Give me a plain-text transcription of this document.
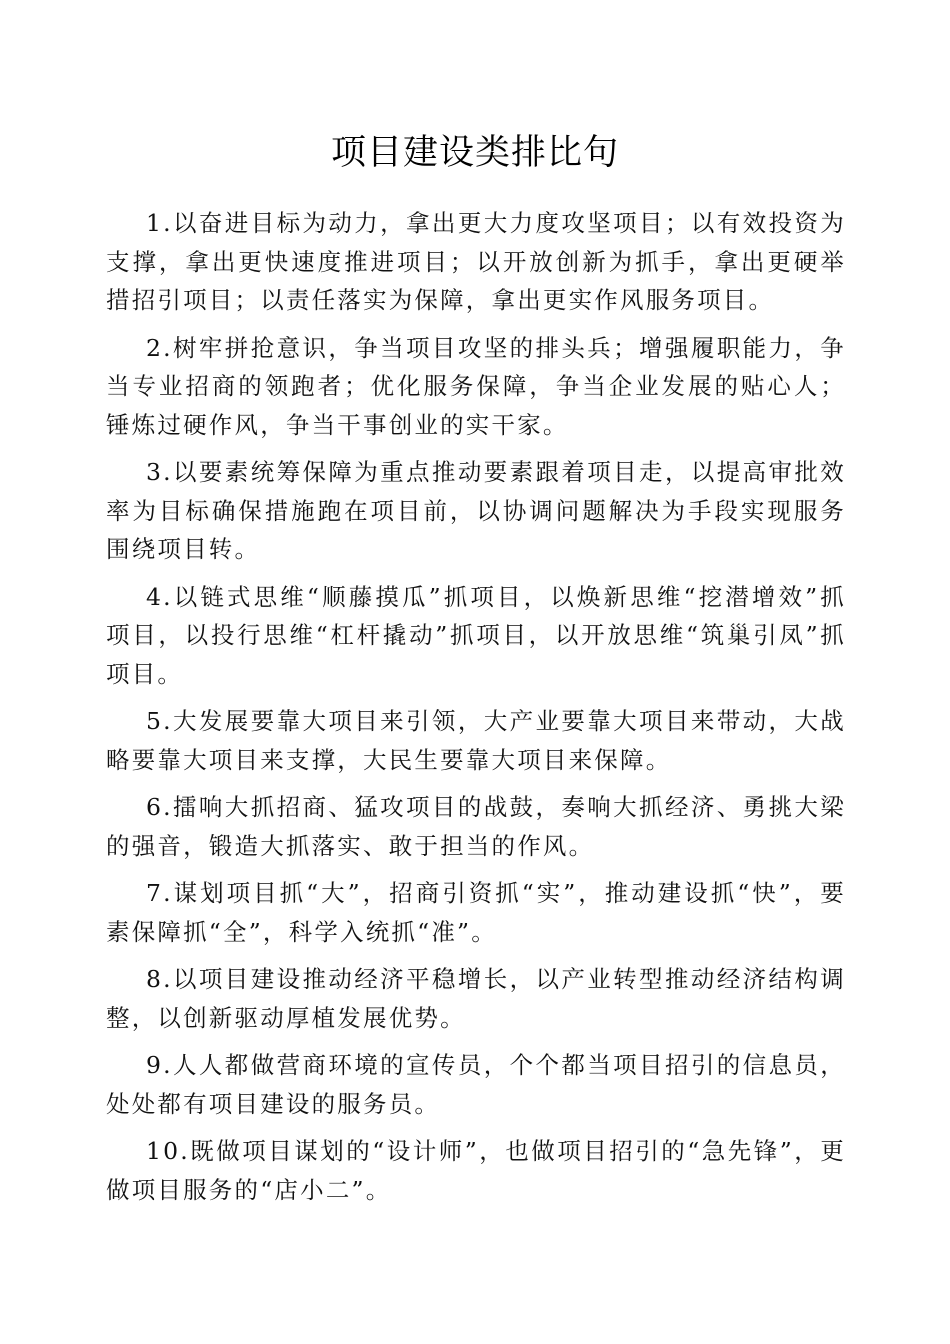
项目建设类排比句

1.以奋进目标为动力，拿出更大力度攻坚项目；以有效投资为支撑，拿出更快速度推进项目；以开放创新为抓手，拿出更硬举措招引项目；以责任落实为保障，拿出更实作风服务项目。

2.树牢拼抢意识，争当项目攻坚的排头兵；增强履职能力，争当专业招商的领跑者；优化服务保障，争当企业发展的贴心人；锤炼过硬作风，争当干事创业的实干家。

3.以要素统筹保障为重点推动要素跟着项目走，以提高审批效率为目标确保措施跑在项目前，以协调问题解决为手段实现服务围绕项目转。

4.以链式思维“顺藤摸瓜”抓项目，以焕新思维“挖潜增效”抓项目，以投行思维“杠杆撬动”抓项目，以开放思维“筑巢引凤”抓项目。

5.大发展要靠大项目来引领，大产业要靠大项目来带动，大战略要靠大项目来支撑，大民生要靠大项目来保障。

6.擂响大抓招商、猛攻项目的战鼓，奏响大抓经济、勇挑大梁的强音，锻造大抓落实、敢于担当的作风。

7.谋划项目抓“大”，招商引资抓“实”，推动建设抓“快”，要素保障抓“全”，科学入统抓“准”。

8.以项目建设推动经济平稳增长，以产业转型推动经济结构调整，以创新驱动厚植发展优势。

9.人人都做营商环境的宣传员，个个都当项目招引的信息员，处处都有项目建设的服务员。

10.既做项目谋划的“设计师”，也做项目招引的“急先锋”，更做项目服务的“店小二”。
